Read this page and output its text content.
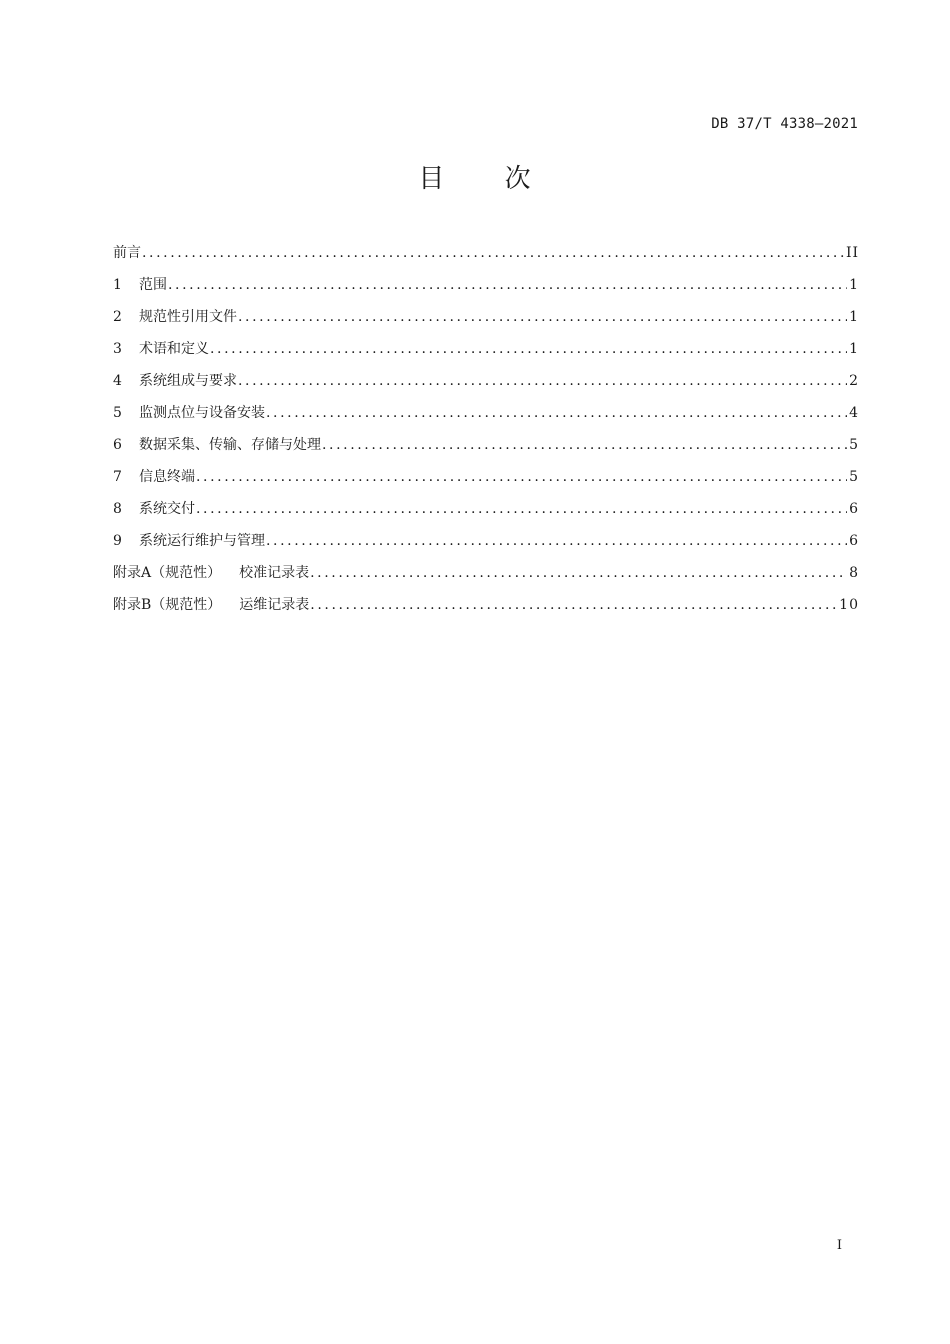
DB 37/T 4338—2021
目 次
前言 .....	II
1	范围 .....	1
2	规范性引用文件 .....	1
3	术语和定义 .....	1
4	系统组成与要求 .....	2
5	监测点位与设备安装 .....	4
6	数据采集、传输、存储与处理 .....	5
7	信息终端 .....	5
8	系统交付 .....	6
9	系统运行维护与管理 .....	6
附录A（规范性） 校准记录表 .....	8
附录B（规范性） 运维记录表 .....	10
I
